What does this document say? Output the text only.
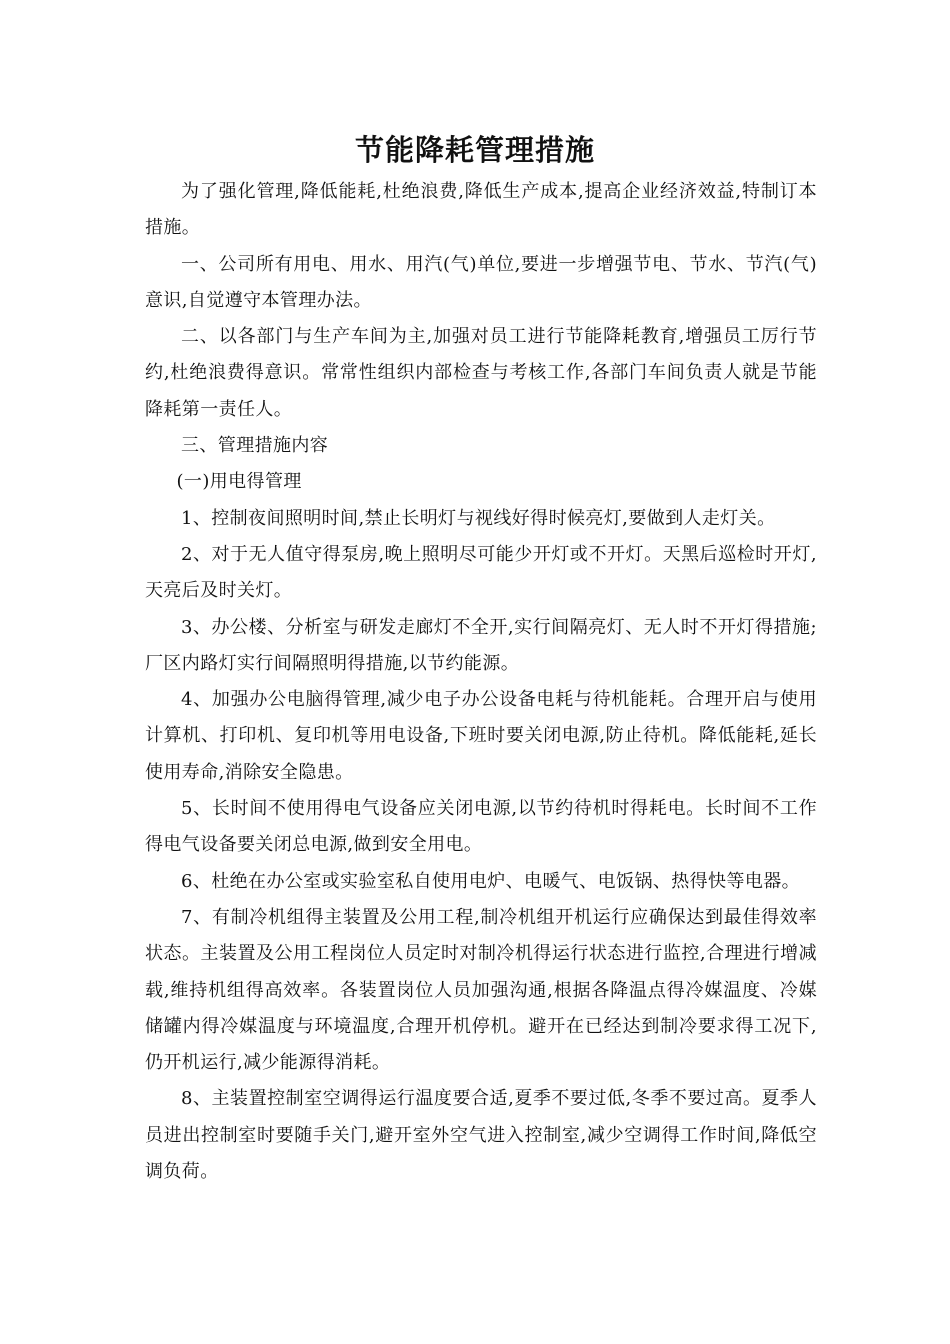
节能降耗管理措施

为了强化管理,降低能耗,杜绝浪费,降低生产成本,提高企业经济效益,特制订本措施。

一、公司所有用电、用水、用汽(气)单位,要进一步增强节电、节水、节汽(气)意识,自觉遵守本管理办法。

二、以各部门与生产车间为主,加强对员工进行节能降耗教育,增强员工厉行节约,杜绝浪费得意识。常常性组织内部检查与考核工作,各部门车间负责人就是节能降耗第一责任人。

三、管理措施内容

(一)用电得管理

1、控制夜间照明时间,禁止长明灯与视线好得时候亮灯,要做到人走灯关。

2、对于无人值守得泵房,晚上照明尽可能少开灯或不开灯。天黑后巡检时开灯,天亮后及时关灯。

3、办公楼、分析室与研发走廊灯不全开,实行间隔亮灯、无人时不开灯得措施;厂区内路灯实行间隔照明得措施,以节约能源。

4、加强办公电脑得管理,减少电子办公设备电耗与待机能耗。合理开启与使用计算机、打印机、复印机等用电设备,下班时要关闭电源,防止待机。降低能耗,延长使用寿命,消除安全隐患。

5、长时间不使用得电气设备应关闭电源,以节约待机时得耗电。长时间不工作得电气设备要关闭总电源,做到安全用电。

6、杜绝在办公室或实验室私自使用电炉、电暖气、电饭锅、热得快等电器。

7、有制冷机组得主装置及公用工程,制冷机组开机运行应确保达到最佳得效率状态。主装置及公用工程岗位人员定时对制冷机得运行状态进行监控,合理进行增减载,维持机组得高效率。各装置岗位人员加强沟通,根据各降温点得冷媒温度、冷媒储罐内得冷媒温度与环境温度,合理开机停机。避开在已经达到制冷要求得工况下,仍开机运行,减少能源得消耗。

8、主装置控制室空调得运行温度要合适,夏季不要过低,冬季不要过高。夏季人员进出控制室时要随手关门,避开室外空气进入控制室,减少空调得工作时间,降低空调负荷。
